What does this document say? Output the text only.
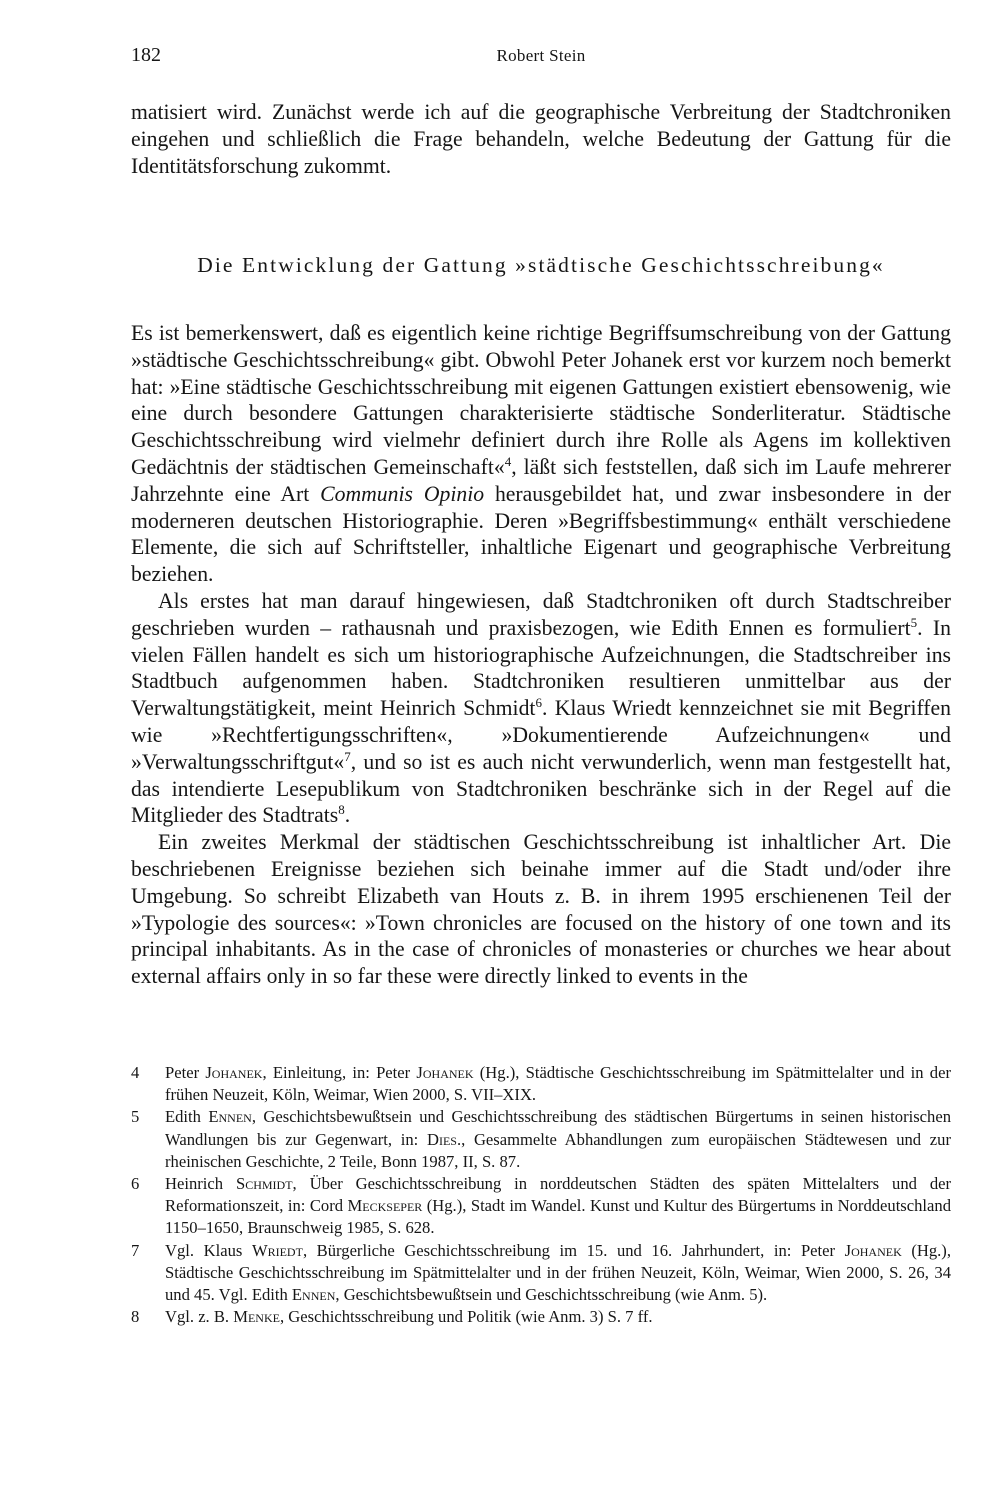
182	Robert Stein

matisiert wird. Zunächst werde ich auf die geographische Verbreitung der Stadtchroniken eingehen und schließlich die Frage behandeln, welche Bedeutung der Gattung für die Identitätsforschung zukommt.

Die Entwicklung der Gattung »städtische Geschichtsschreibung«

Es ist bemerkenswert, daß es eigentlich keine richtige Begriffsumschreibung von der Gattung »städtische Geschichtsschreibung« gibt. Obwohl Peter Johanek erst vor kurzem noch bemerkt hat: »Eine städtische Geschichtsschreibung mit eigenen Gattungen existiert ebensowenig, wie eine durch besondere Gattungen charakterisierte städtische Sonderliteratur. Städtische Geschichtsschreibung wird vielmehr definiert durch ihre Rolle als Agens im kollektiven Gedächtnis der städtischen Gemeinschaft«$^4$, läßt sich feststellen, daß sich im Laufe mehrerer Jahrzehnte eine Art Communis Opinio herausgebildet hat, und zwar insbesondere in der moderneren deutschen Historiographie. Deren »Begriffsbestimmung« enthält verschiedene Elemente, die sich auf Schriftsteller, inhaltliche Eigenart und geographische Verbreitung beziehen.

Als erstes hat man darauf hingewiesen, daß Stadtchroniken oft durch Stadtschreiber geschrieben wurden – rathausnah und praxisbezogen, wie Edith Ennen es formuliert$^5$. In vielen Fällen handelt es sich um historiographische Aufzeichnungen, die Stadtschreiber ins Stadtbuch aufgenommen haben. Stadtchroniken resultieren unmittelbar aus der Verwaltungstätigkeit, meint Heinrich Schmidt$^6$. Klaus Wriedt kennzeichnet sie mit Begriffen wie »Rechtfertigungsschriften«, »Dokumentierende Aufzeichnungen« und »Verwaltungsschriftgut«$^7$, und so ist es auch nicht verwunderlich, wenn man festgestellt hat, das intendierte Lesepublikum von Stadtchroniken beschränke sich in der Regel auf die Mitglieder des Stadtrats$^8$.

Ein zweites Merkmal der städtischen Geschichtsschreibung ist inhaltlicher Art. Die beschriebenen Ereignisse beziehen sich beinahe immer auf die Stadt und/oder ihre Umgebung. So schreibt Elizabeth van Houts z. B. in ihrem 1995 erschienenen Teil der »Typologie des sources«: »Town chronicles are focused on the history of one town and its principal inhabitants. As in the case of chronicles of monasteries or churches we hear about external affairs only in so far these were directly linked to events in the

4	Peter Johanek, Einleitung, in: Peter Johanek (Hg.), Städtische Geschichtsschreibung im Spätmittelalter und in der frühen Neuzeit, Köln, Weimar, Wien 2000, S. VII–XIX.
5	Edith Ennen, Geschichtsbewußtsein und Geschichtsschreibung des städtischen Bürgertums in seinen historischen Wandlungen bis zur Gegenwart, in: Dies., Gesammelte Abhandlungen zum europäischen Städtewesen und zur rheinischen Geschichte, 2 Teile, Bonn 1987, II, S. 87.
6	Heinrich Schmidt, Über Geschichtsschreibung in norddeutschen Städten des späten Mittelalters und der Reformationszeit, in: Cord Meckseper (Hg.), Stadt im Wandel. Kunst und Kultur des Bürgertums in Norddeutschland 1150–1650, Braunschweig 1985, S. 628.
7	Vgl. Klaus Wriedt, Bürgerliche Geschichtsschreibung im 15. und 16. Jahrhundert, in: Peter Johanek (Hg.), Städtische Geschichtsschreibung im Spätmittelalter und in der frühen Neuzeit, Köln, Weimar, Wien 2000, S. 26, 34 und 45. Vgl. Edith Ennen, Geschichtsbewußtsein und Geschichtsschreibung (wie Anm. 5).
8	Vgl. z. B. Menke, Geschichtsschreibung und Politik (wie Anm. 3) S. 7 ff.
